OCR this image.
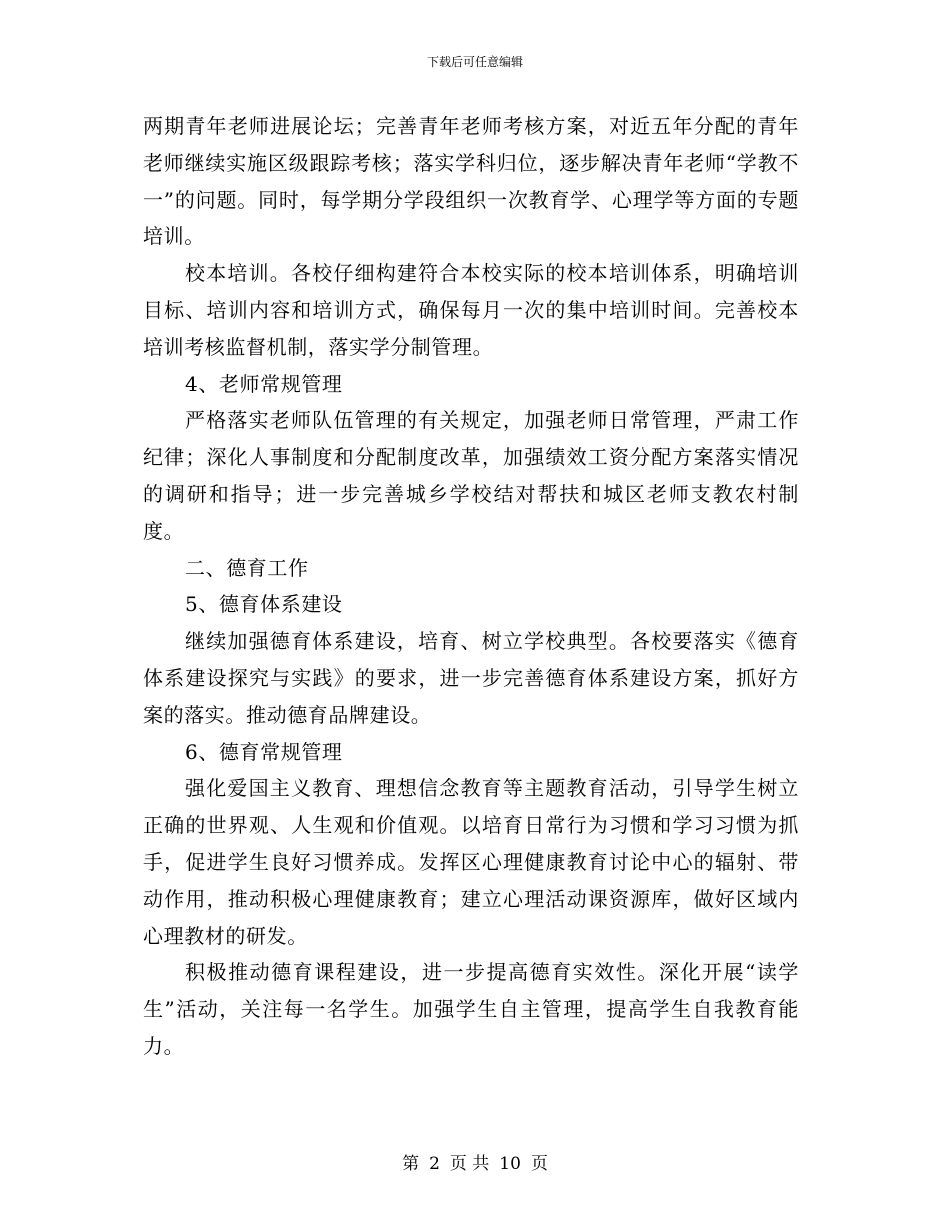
下载后可任意编辑

两期青年老师进展论坛；完善青年老师考核方案，对近五年分配的青年老师继续实施区级跟踪考核；落实学科归位，逐步解决青年老师“学教不一”的问题。同时，每学期分学段组织一次教育学、心理学等方面的专题培训。

校本培训。各校仔细构建符合本校实际的校本培训体系，明确培训目标、培训内容和培训方式，确保每月一次的集中培训时间。完善校本培训考核监督机制，落实学分制管理。

4、老师常规管理

严格落实老师队伍管理的有关规定，加强老师日常管理，严肃工作纪律；深化人事制度和分配制度改革，加强绩效工资分配方案落实情况的调研和指导；进一步完善城乡学校结对帮扶和城区老师支教农村制度。

二、德育工作

5、德育体系建设

继续加强德育体系建设，培育、树立学校典型。各校要落实《德育体系建设探究与实践》的要求，进一步完善德育体系建设方案，抓好方案的落实。推动德育品牌建设。

6、德育常规管理

强化爱国主义教育、理想信念教育等主题教育活动，引导学生树立正确的世界观、人生观和价值观。以培育日常行为习惯和学习习惯为抓手，促进学生良好习惯养成。发挥区心理健康教育讨论中心的辐射、带动作用，推动积极心理健康教育；建立心理活动课资源库，做好区域内心理教材的研发。

积极推动德育课程建设，进一步提高德育实效性。深化开展“读学生”活动，关注每一名学生。加强学生自主管理，提高学生自我教育能力。

第 2 页 共 10 页
